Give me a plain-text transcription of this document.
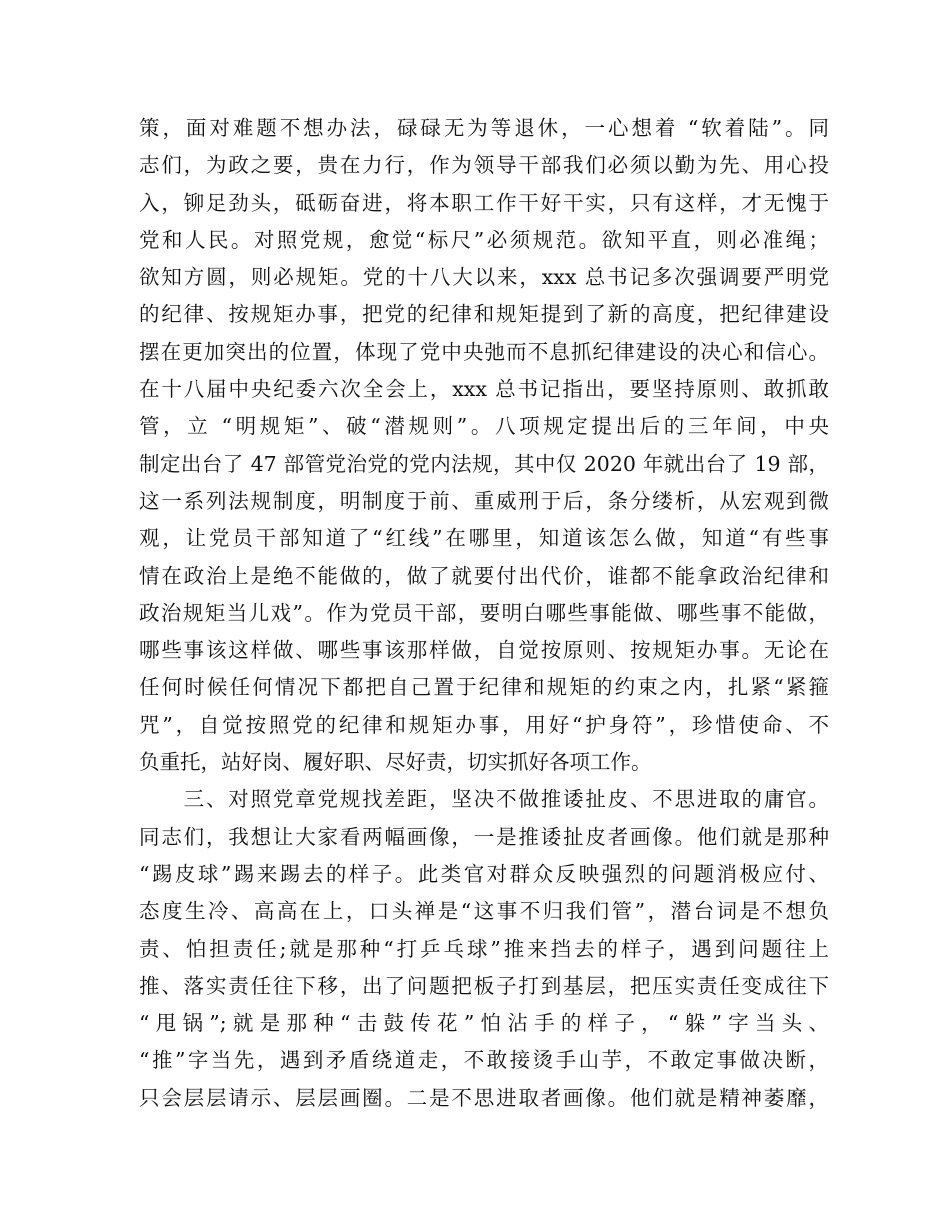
策，面对难题不想办法，碌碌无为等退休，一心想着 “软着陆”。同
志们，为政之要，贵在力行，作为领导干部我们必须以勤为先、用心投
入，铆足劲头，砥砺奋进，将本职工作干好干实，只有这样，才无愧于
党和人民。对照党规，愈觉“标尺”必须规范。欲知平直，则必准绳；
欲知方圆，则必规矩。党的十八大以来，xxx 总书记多次强调要严明党
的纪律、按规矩办事，把党的纪律和规矩提到了新的高度，把纪律建设
摆在更加突出的位置，体现了党中央弛而不息抓纪律建设的决心和信心。
在十八届中央纪委六次全会上，xxx 总书记指出，要坚持原则、敢抓敢
管，立 “明规矩”、破“潜规则”。八项规定提出后的三年间，中央
制定出台了 47 部管党治党的党内法规，其中仅 2020 年就出台了 19 部，
这一系列法规制度，明制度于前、重威刑于后，条分缕析，从宏观到微
观，让党员干部知道了“红线”在哪里，知道该怎么做，知道“有些事
情在政治上是绝不能做的，做了就要付出代价，谁都不能拿政治纪律和
政治规矩当儿戏”。作为党员干部，要明白哪些事能做、哪些事不能做，
哪些事该这样做、哪些事该那样做，自觉按原则、按规矩办事。无论在
任何时候任何情况下都把自己置于纪律和规矩的约束之内，扎紧“紧箍
咒”，自觉按照党的纪律和规矩办事，用好“护身符”，珍惜使命、不
负重托，站好岗、履好职、尽好责，切实抓好各项工作。
　　三、对照党章党规找差距，坚决不做推诿扯皮、不思进取的庸官。
同志们，我想让大家看两幅画像，一是推诿扯皮者画像。他们就是那种
“踢皮球”踢来踢去的样子。此类官对群众反映强烈的问题消极应付、
态度生冷、高高在上，口头禅是“这事不归我们管”，潜台词是不想负
责、怕担责任;就是那种“打乒乓球”推来挡去的样子，遇到问题往上
推、落实责任往下移，出了问题把板子打到基层，把压实责任变成往下
“甩锅”;就是那种“击鼓传花”怕沾手的样子，“躲”字当头、
“推”字当先，遇到矛盾绕道走，不敢接烫手山芋，不敢定事做决断，
只会层层请示、层层画圈。二是不思进取者画像。他们就是精神萎靡，
